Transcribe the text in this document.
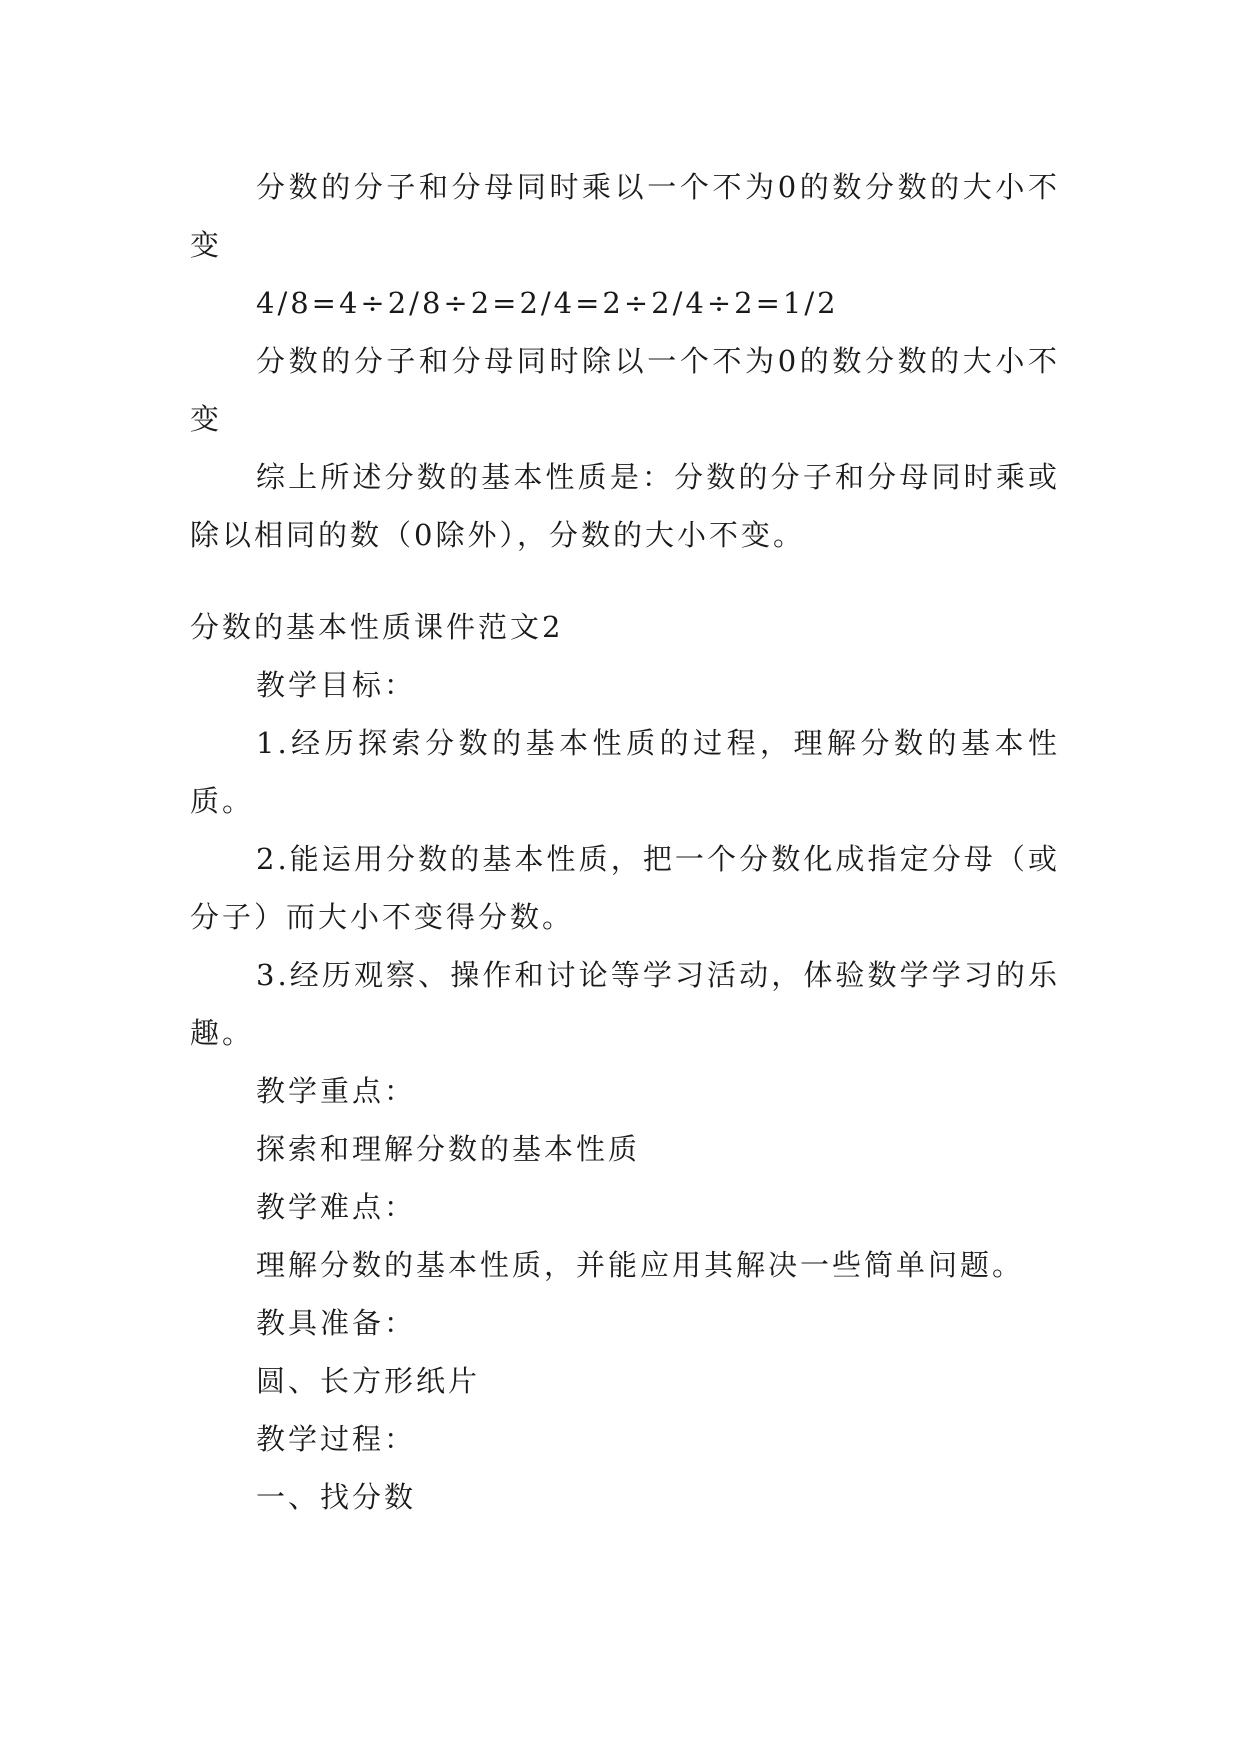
分数的分子和分母同时乘以一个不为0的数分数的大小不变

4/8=4÷2/8÷2=2/4=2÷2/4÷2=1/2

分数的分子和分母同时除以一个不为0的数分数的大小不变

综上所述分数的基本性质是：分数的分子和分母同时乘或除以相同的数（0除外），分数的大小不变。

分数的基本性质课件范文2

教学目标：

1.经历探索分数的基本性质的过程，理解分数的基本性质。

2.能运用分数的基本性质，把一个分数化成指定分母（或分子）而大小不变得分数。

3.经历观察、操作和讨论等学习活动，体验数学学习的乐趣。

教学重点：

探索和理解分数的基本性质

教学难点：

理解分数的基本性质，并能应用其解决一些简单问题。

教具准备：

圆、长方形纸片

教学过程：

一、找分数
